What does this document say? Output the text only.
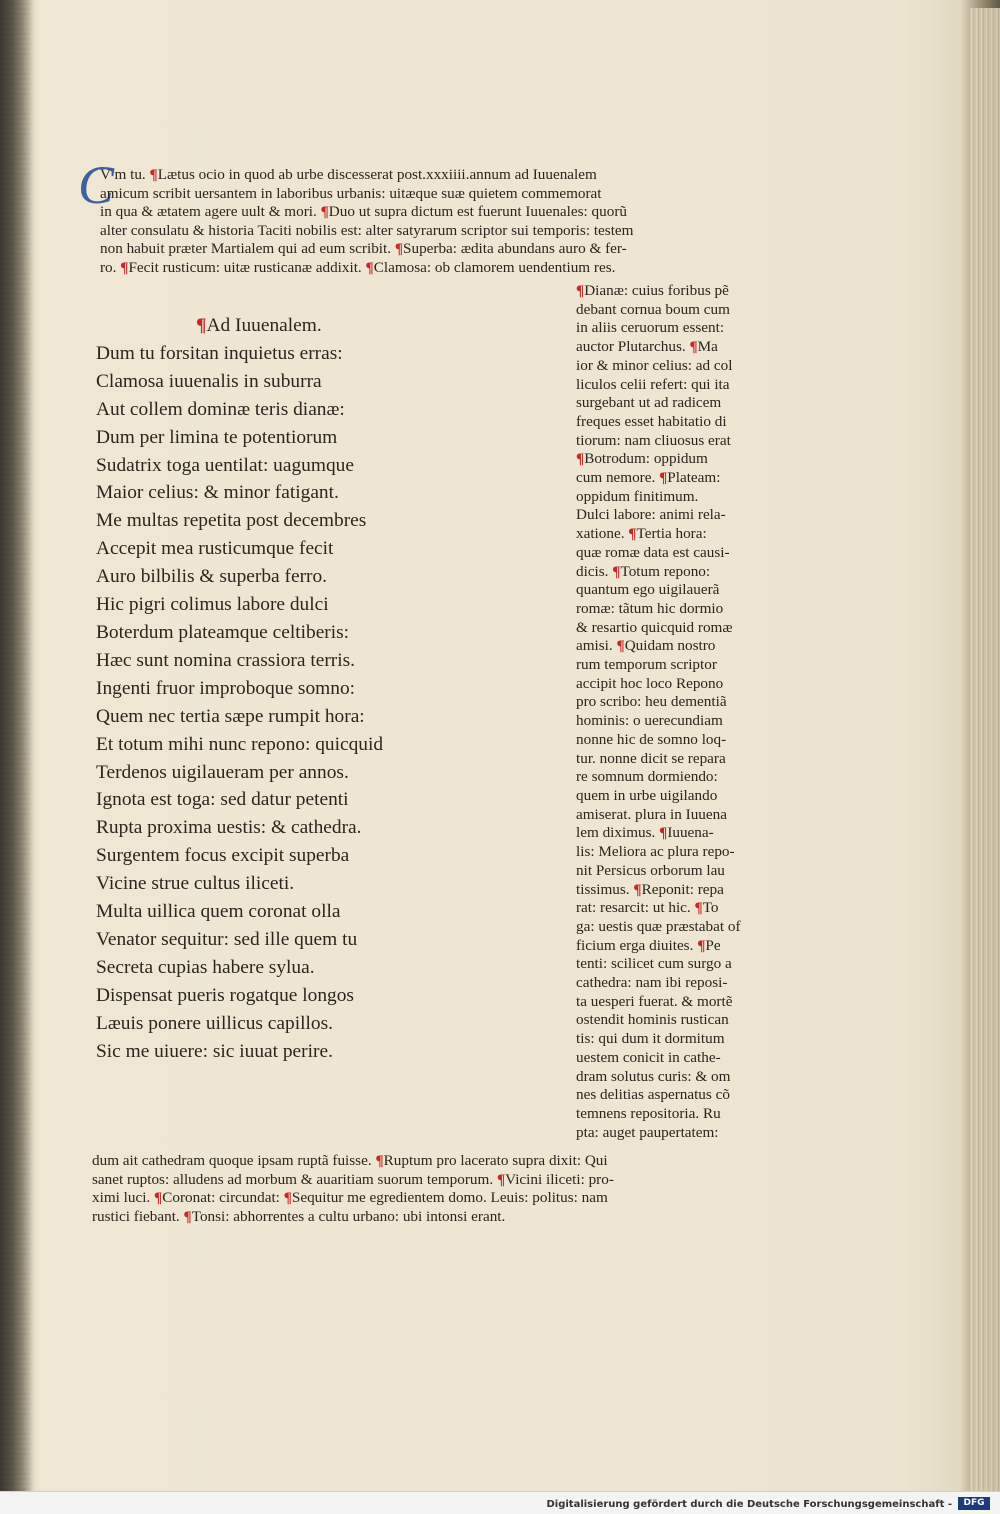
C

V m tu. ¶Lætus ocio in quod ab urbe discesserat post.xxxiiii.annum ad Iuuenalem

amicum scribit uersantem in laboribus urbanis: uitæque suæ quietem commemorat

in qua & ætatem agere uult & mori. ¶Duo ut supra dictum est fuerunt Iuuenales: quorũ

alter consulatu & historia Taciti nobilis est: alter satyrarum scriptor sui temporis: testem

non habuit præter Martialem qui ad eum scribit. ¶Superba: ædita abundans auro & fer-

ro. ¶Fecit rusticum: uitæ rusticanæ addixit. ¶Clamosa: ob clamorem uendentium res.

¶Ad Iuuenalem.
Dum tu forsitan inquietus erras:
Clamosa iuuenalis in suburra
Aut collem dominæ teris dianæ:
Dum per limina te potentiorum
Sudatrix toga uentilat: uagumque
Maior celius: & minor fatigant.
Me multas repetita post decembres
Accepit mea rusticumque fecit
Auro bilbilis & superba ferro.
Hic pigri colimus labore dulci
Boterdum plateamque celtiberis:
Hæc sunt nomina crassiora terris.
Ingenti fruor improboque somno:
Quem nec tertia sæpe rumpit hora:
Et totum mihi nunc repono: quicquid
Terdenos uigilaueram per annos.
Ignota est toga: sed datur petenti
Rupta proxima uestis: & cathedra.
Surgentem focus excipit superba
Vicine strue cultus iliceti.
Multa uillica quem coronat olla
Venator sequitur: sed ille quem tu
Secreta cupias habere sylua.
Dispensat pueris rogatque longos
Læuis ponere uillicus capillos.
Sic me uiuere: sic iuuat perire.
¶Dianæ: cuius foribus pẽ
debant cornua boum cum
in aliis ceruorum essent:
auctor Plutarchus. ¶Ma
ior & minor celius: ad col
liculos celii refert: qui ita
surgebant ut ad radicem
freques esset habitatio di
tiorum: nam cliuosus erat
¶Botrodum: oppidum
cum nemore. ¶Plateam:
oppidum finitimum.
Dulci labore: animi rela-
xatione. ¶Tertia hora:
quæ romæ data est causi-
dicis. ¶Totum repono:
quantum ego uigilauerã
romæ: tãtum hic dormio
& resartio quicquid romæ
amisi. ¶Quidam nostro
rum temporum scriptor
accipit hoc loco Repono
pro scribo: heu dementiã
hominis: o uerecundiam
nonne hic de somno loq-
tur. nonne dicit se repara
re somnum dormiendo:
quem in urbe uigilando
amiserat. plura in Iuuena
lem diximus. ¶Iuuena-
lis: Meliora ac plura repo-
nit Persicus orborum lau
tissimus. ¶Reponit: repa
rat: resarcit: ut hic. ¶To
ga: uestis quæ præstabat of
ficium erga diuites. ¶Pe
tenti: scilicet cum surgo a
cathedra: nam ibi reposi-
ta uesperi fuerat. & mortẽ
ostendit hominis rustican
tis: qui dum it dormitum
uestem conicit in cathe-
dram solutus curis: & om
nes delitias aspernatus cõ
temnens repositoria. Ru
pta: auget paupertatem:

dum ait cathedram quoque ipsam ruptã fuisse. ¶Ruptum pro lacerato supra dixit: Qui

sanet ruptos: alludens ad morbum & auaritiam suorum temporum. ¶Vicini iliceti: pro-

ximi luci. ¶Coronat: circundat: ¶Sequitur me egredientem domo. Leuis: politus: nam

rustici fiebant. ¶Tonsi: abhorrentes a cultu urbano: ubi intonsi erant.

Digitalisierung gefördert durch die Deutsche Forschungsgemeinschaft -	DFG
